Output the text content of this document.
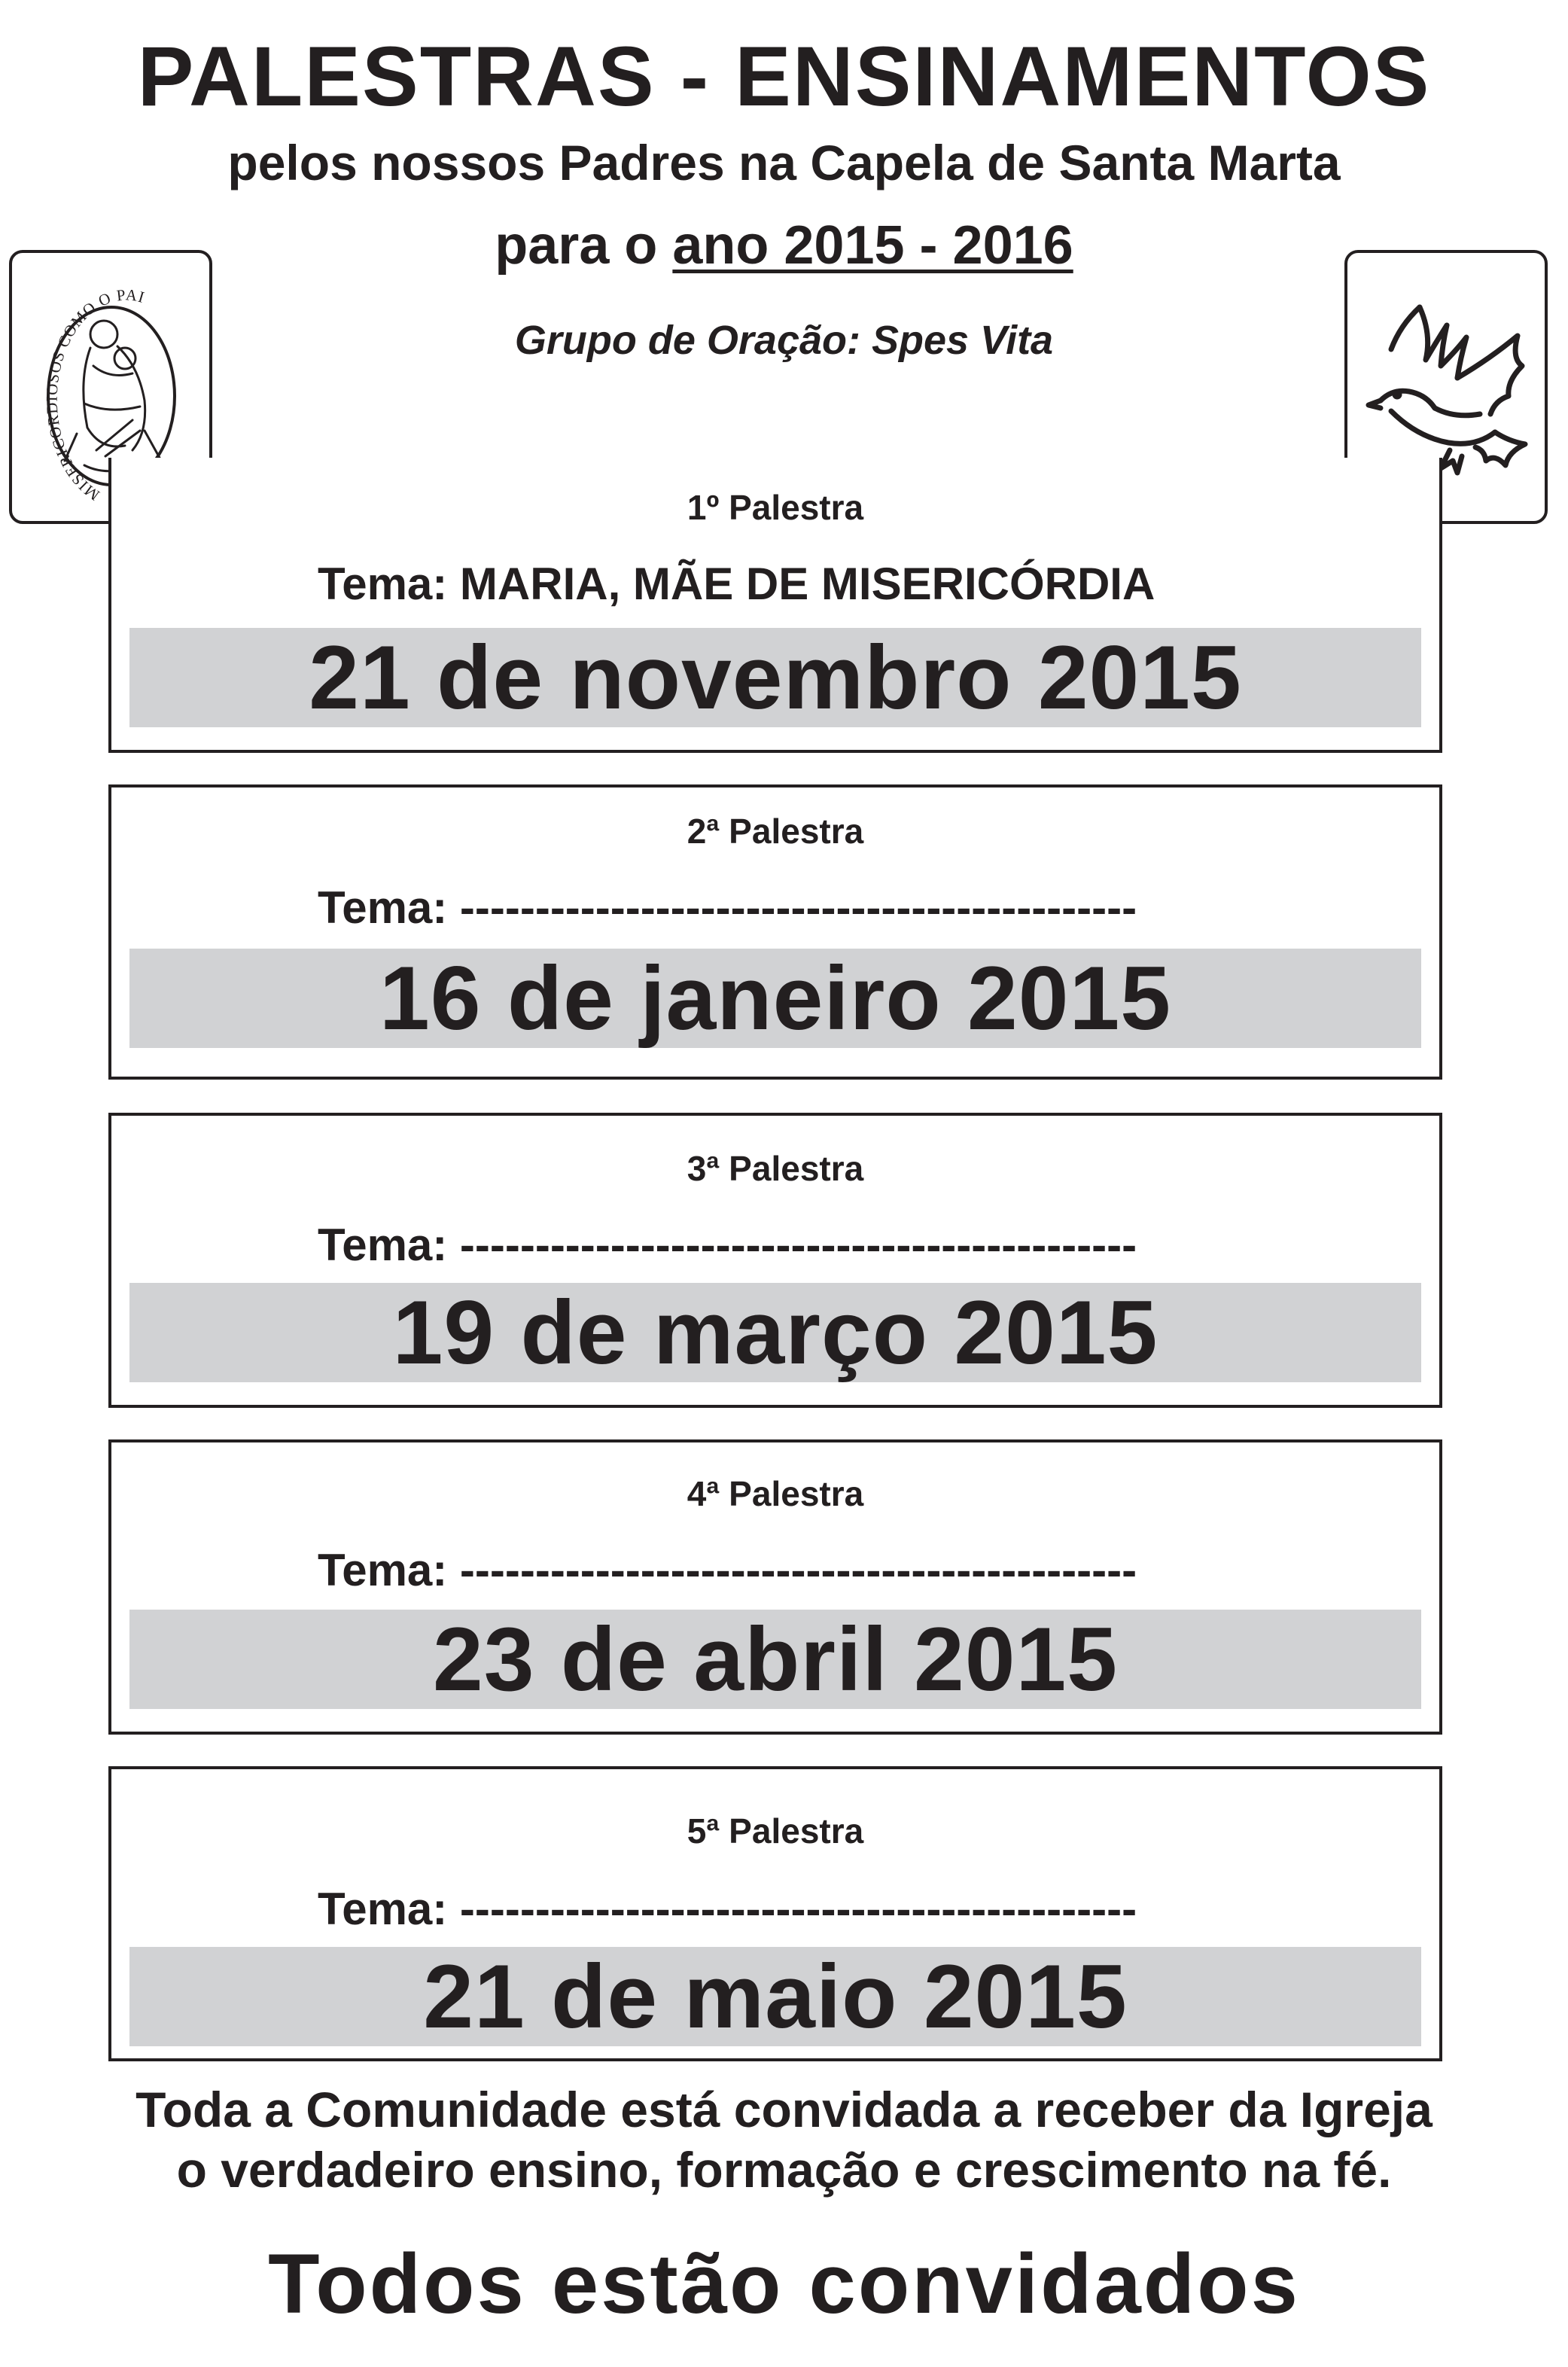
PALESTRAS - ENSINAMENTOS
pelos nossos Padres na Capela de Santa Marta
para o ano 2015 - 2016
Grupo de Oração: Spes Vita
MISERICORDIOSOS COMO O PAI
1º Palestra
Tema: MARIA, MÃE DE MISERICÓRDIA
21 de novembro 2015
2ª Palestra
Tema: ---------------------------------------------
16 de janeiro 2015
3ª Palestra
Tema: ---------------------------------------------
19 de março 2015
4ª Palestra
Tema: ---------------------------------------------
23 de abril 2015
5ª Palestra
Tema: ---------------------------------------------
21 de maio 2015
Toda a Comunidade está convidada a receber da Igreja
o verdadeiro ensino, formação e crescimento na fé.
Todos estão convidados
